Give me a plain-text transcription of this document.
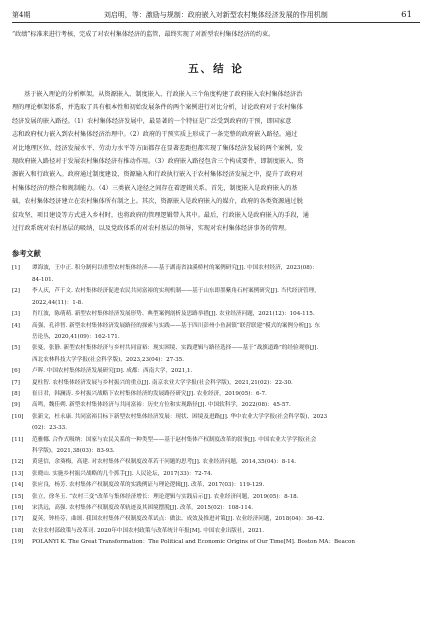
第4期	刘启明，等：激励与规制：政府嵌入对新型农村集体经济发展的作用机制	61
“政绩”标准来进行考核，完成了对农村集体经济的监管，最终实现了对新型农村集体经济的约束。
五、结 论
基于嵌入理论的分析框架，从资源嵌入、制度嵌入、行政嵌入三个角度构建了政府嵌入农村集体经济治
理的理论框架体系，并选取了具有根本性和初始发展条件的两个案例进行对比分析，讨论政府对于农村集体
经济发展的嵌入路径。（1）农村集体经济发展中，最显著的一个特征是广泛受到政府的干预，即国家意
志和政府权力嵌入到农村集体经济治理中。（2）政府的干预实质上形成了一条完整的政府嵌入路径。通过
对比地理区位、经济发展水平、劳动力水平等方面都存在显著差距但都实现了集体经济发展的两个案例，发
现政府嵌入路径对于发展农村集体经济有推动作用。（3）政府嵌入路径包含三个构成要件，即制度嵌入、资
源嵌入和行政嵌入。政府通过制度建设、资源输入和行政执行嵌入于农村集体经济发展之中，提升了政府对
村集体经济的整合和规制能力。（4）三类嵌入途径之间存在着逻辑关系。首先，制度嵌入是政府嵌入的基
础，农村集体经济建立在农村集体所有制之上。其次，资源嵌入是政府嵌入的媒介，政府的各类资源通过脱
贫攻坚、项目建设等方式进入乡村时，也将政府的管理逻辑带入其中。最后，行政嵌入是政府嵌入的手段，通
过行政系统对农村基层的吸纳，以及党政体系的对农村基层的领导，实现对农村集体经济事务的管理。
参考文献
[1]	谭海波，王中正. 积分制何以重塑农村集体经济——基于湖南省油溪桥村的案例研究[J]. 中国农村经济，2023(08)：
84-101.
[2]	李人庆，芦千文. 农村集体经济促进农民共同富裕的实现机制——基于山东即墨紫角石村案例研究[J]. 当代经济管理，
2022,44(11)：1-8.
[3]	肖红波，陈萌萌. 新型农村集体经济发展形势、典型案例剖析及思路举措[J]. 农业经济问题，2021(12)：104-115.
[4]	高强，孔祥智. 新型农村集体经济发展路径的探索与实践——基于四川彭州小鱼洞镇“联营联建”模式的案例分析[J]. 东
岳论丛，2020,41(09)：162-171.
[5]	张戛，张静. 新型农村集体经济与乡村共同富裕：现实困境、实践逻辑与路径选择——基于“战旗道路”的经验观察[J].
西北农林科技大学学报(社会科学版)，2023,23(04)：27-35.
[6]	卢晖. 中国农村集体经济发展研究[D]. 成都：西南大学，2021,1.
[7]	夏柱智. 农村集体经济发展与乡村振兴的重点[J]. 南京农业大学学报(社会科学版)，2021,21(02)：22-30.
[8]	崔日君，韩澜涛. 乡村振兴战略下农村集体经济的发展路径研究[J]. 农业经济，2019(05)：6-7.
[9]	高鸣，魏佳朔. 新型农村集体经济与共同富裕：历史方位和实现路径[J]. 中国软科学，2022(08)：45-57.
[10]	张新文，杜永康. 共同富裕目标下新型农村集体经济发展：现状、困境及进路[J]. 华中农业大学学报(社会科学版)，2023
(02)：23-33.
[11]	范雅娜. 合作式吸纳：国家与农民关系的一种类型——基于赵村集体产权制度改革的叙事[J]. 中国农业大学学报(社会
科学版)，2021,38(03)：83-93.
[12]	黄延信，余葵梅，高建. 对农村集体产权制度改革若干问题的思考[J]. 农业经济问题，2014,35(04)：8-14.
[13]	张晓山. 实施乡村振兴战略的几个抓手[J]. 人民论坛，2017(33)：72-74.
[14]	张应良，杨芳. 农村集体产权制度改革的实践例证与理论逻辑[J]. 改革，2017(03)：119-129.
[15]	张立，徐冬玉. “农村三变”改革与集体经济增长：理论逻辑与实践启示[J]. 农业经济问题，2019(05)：8-18.
[16]	宋洪远，高强. 农村集体产权制度改革轨迹及其困境摆脱[J]. 改革，2015(02)：108-114.
[17]	夏英，钟桂芬，曲颂. 我国农村集体产权制度改革试点：做法、成效及推进对策[J]. 农业经济问题，2018(04)：36-42.
[18]	农业农村部政策与改革司. 2020年中国农村政策与改革统计年报[M]. 中国农业出版社，2021.
[19]	POLANYI K. The Great Transformation：The Political and Economic Origins of Our Time[M]. Boston MA：Beacon
